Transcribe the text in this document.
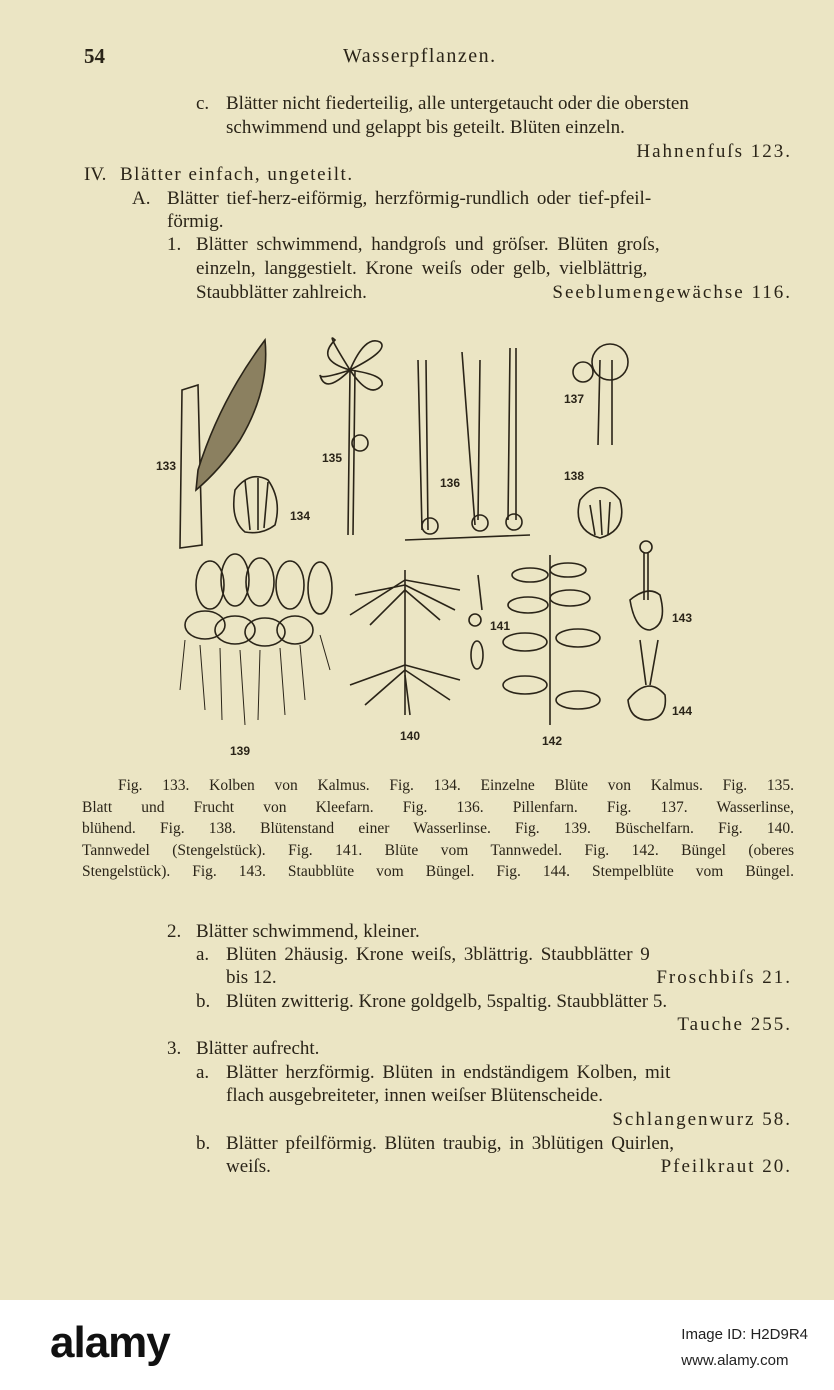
54	Wasserpflanzen.
c. Blätter nicht fiederteilig, alle untergetaucht oder die obersten
schwimmend und gelappt bis geteilt. Blüten einzeln.
Hahnenfuſs 123.
IV. Blätter einfach, ungeteilt.
A. Blätter tief-herz-eiförmig, herzförmig-rundlich oder tief-pfeil-
förmig.
1. Blätter schwimmend, handgroſs und gröſser. Blüten groſs,
einzeln, langgestielt. Krone weiſs oder gelb, vielblättrig,
Staubblätter zahlreich.	Seeblumengewächse 116.
133
134
135
136
137
138
139
140
141
142
143
144
Fig. 133. Kolben von Kalmus. Fig. 134. Einzelne Blüte von Kalmus. Fig. 135.
Blatt und Frucht von Kleefarn. Fig. 136. Pillenfarn. Fig. 137. Wasserlinse,
blühend. Fig. 138. Blütenstand einer Wasserlinse. Fig. 139. Büschelfarn. Fig. 140.
Tannwedel (Stengelstück). Fig. 141. Blüte vom Tannwedel. Fig. 142. Büngel (oberes
Stengelstück). Fig. 143. Staubblüte vom Büngel. Fig. 144. Stempelblüte vom Büngel.
2. Blätter schwimmend, kleiner.
a. Blüten 2häusig. Krone weiſs, 3blättrig. Staubblätter 9
bis 12.	Froschbiſs 21.
b. Blüten zwitterig. Krone goldgelb, 5spaltig. Staubblätter 5.
Tauche 255.
3. Blätter aufrecht.
a. Blätter herzförmig. Blüten in endständigem Kolben, mit
flach ausgebreiteter, innen weiſser Blütenscheide.
Schlangenwurz 58.
b. Blätter pfeilförmig. Blüten traubig, in 3blütigen Quirlen,
weiſs.	Pfeilkraut 20.
alamy	Image ID: H2D9R4
www.alamy.com
